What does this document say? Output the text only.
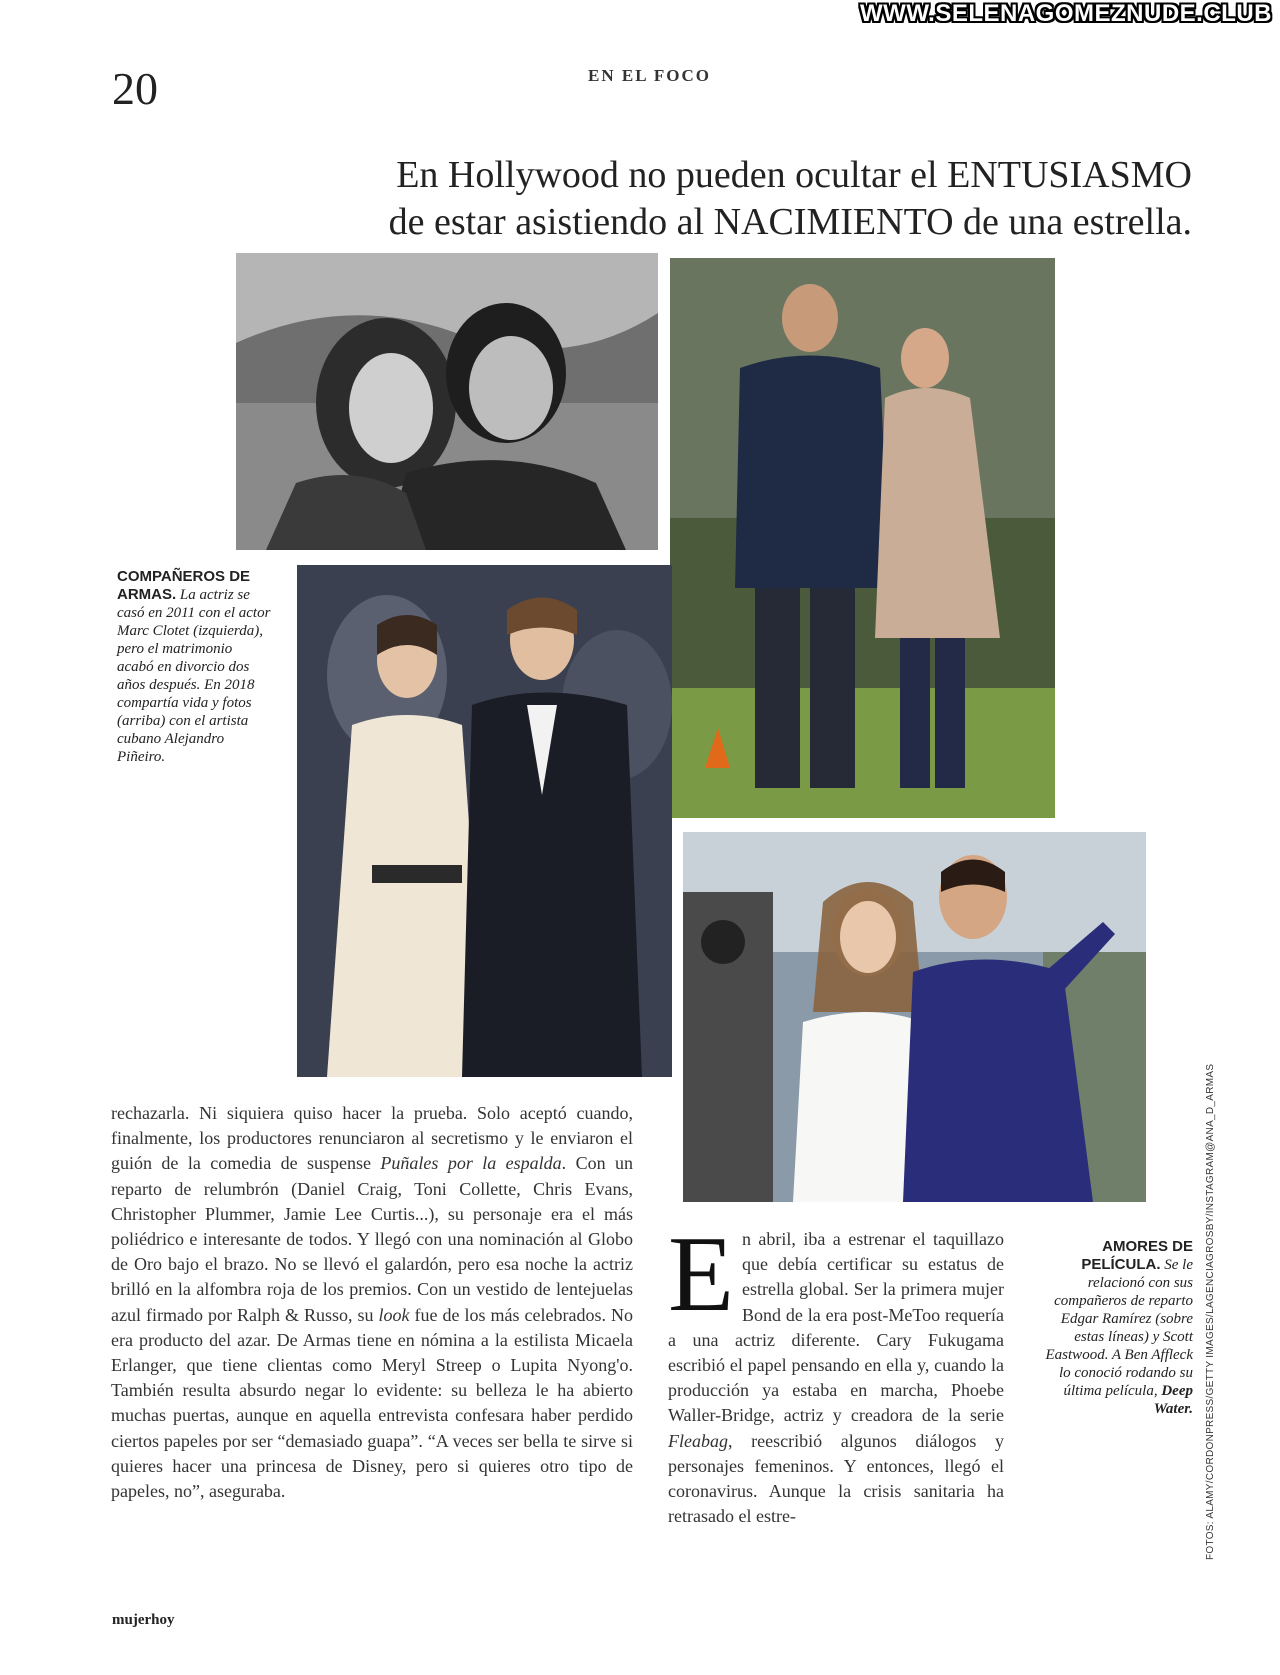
WWW.SELENAGOMEZNUDE.CLUB
20	EN EL FOCO
En Hollywood no pueden ocultar el ENTUSIASMO
de estar asistiendo al NACIMIENTO de una estrella.
COMPAÑEROS DE ARMAS. La actriz se casó en 2011 con el actor Marc Clotet (izquierda), pero el matrimonio acabó en divorcio dos años después. En 2018 compartía vida y fotos (arriba) con el artista cubano Alejandro Piñeiro.
AMORES DE PELÍCULA. Se le relacionó con sus compañeros de reparto Edgar Ramírez (sobre estas líneas) y Scott Eastwood. A Ben Affleck lo conoció rodando su última película, Deep Water.
rechazarla. Ni siquiera quiso hacer la prueba. Solo aceptó cuando, finalmente, los productores renunciaron al secretismo y le enviaron el guión de la comedia de suspense Puñales por la espalda. Con un reparto de relumbrón (Daniel Craig, Toni Collette, Chris Evans, Christopher Plummer, Jamie Lee Curtis...), su personaje era el más poliédrico e interesante de todos. Y llegó con una nominación al Globo de Oro bajo el brazo. No se llevó el galardón, pero esa noche la actriz brilló en la alfombra roja de los premios. Con un vestido de lentejuelas azul firmado por Ralph & Russo, su look fue de los más celebrados. No era producto del azar. De Armas tiene en nómina a la estilista Micaela Erlanger, que tiene clientas como Meryl Streep o Lupita Nyong'o. También resulta absurdo negar lo evidente: su belleza le ha abierto muchas puertas, aunque en aquella entrevista confesara haber perdido ciertos papeles por ser “demasiado guapa”. “A veces ser bella te sirve si quieres hacer una princesa de Disney, pero si quieres otro tipo de papeles, no”, aseguraba.
En abril, iba a estrenar el taquillazo que debía certificar su estatus de estrella global. Ser la primera mujer Bond de la era post-MeToo requería a una actriz diferente. Cary Fukugama escribió el papel pensando en ella y, cuando la producción ya estaba en marcha, Phoebe Waller-Bridge, actriz y creadora de la serie Fleabag, reescribió algunos diálogos y personajes femeninos. Y entonces, llegó el coronavirus. Aunque la crisis sanitaria ha retrasado el estre-	FOTOS: ALAMY/CORDONPRESS/GETTY IMAGES/LAGENCIAGROSBY/INSTAGRAM@ANA_D_ARMAS
mujerhoy
